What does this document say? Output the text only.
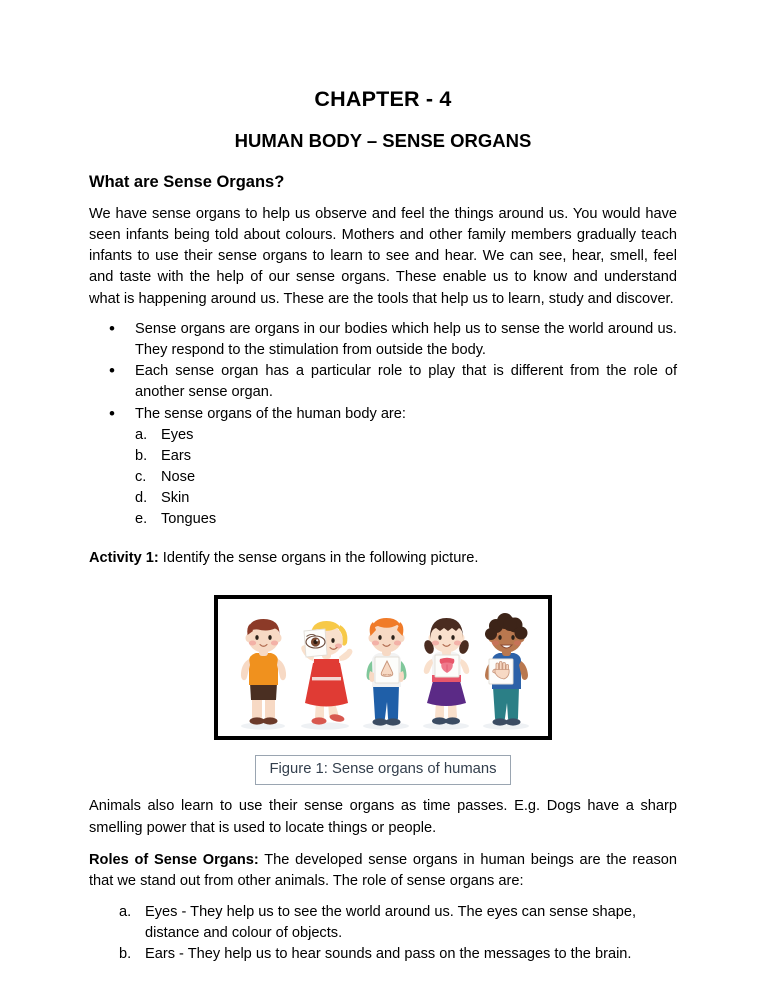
CHAPTER - 4
HUMAN BODY – SENSE ORGANS
What are Sense Organs?

We have sense organs to help us observe and feel the things around us. You would have seen infants being told about colours. Mothers and other family members gradually teach infants to use their sense organs to learn to see and hear. We can see, hear, smell, feel and taste with the help of our sense organs. These enable us to know and understand what is happening around us. These are the tools that help us to learn, study and discover.

• Sense organs are organs in our bodies which help us to sense the world around us. They respond to the stimulation from outside the body.
• Each sense organ has a particular role to play that is different from the role of another sense organ.
• The sense organs of the human body are:
a. Eyes
b. Ears
c.	Nose
d. Skin
e. Tongues

Activity 1: Identify the sense organs in the following picture.

Figure 1: Sense organs of humans

Animals also learn to use their sense organs as time passes. E.g. Dogs have a sharp smelling power that is used to locate things or people.

Roles of Sense Organs: The developed sense organs in human beings are the reason that we stand out from other animals. The role of sense organs are:

a. Eyes - They help us to see the world around us. The eyes can sense shape, distance and colour of objects.
b. Ears - They help us to hear sounds and pass on the messages to the brain.
